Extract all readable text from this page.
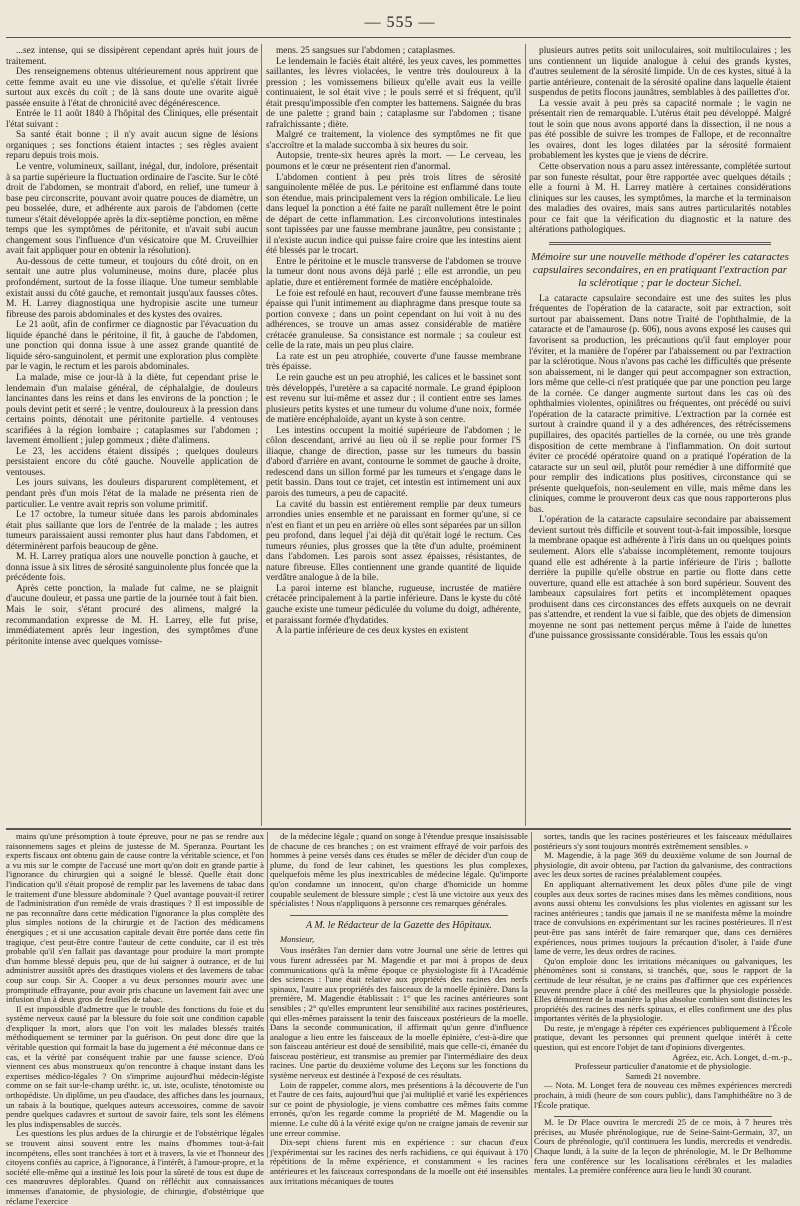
— 555 —

...sez intense, qui se dissipèrent cependant après huit jours de traitement.

Des renseignemens obtenus ultérieurement nous apprirent que cette femme avait eu une vie dissolue, et qu'elle s'était livrée surtout aux excès du coït ; de là sans doute une ovarite aiguë passée ensuite à l'état de chronicité avec dégénérescence.

Entrée le 11 août 1840 à l'hôpital des Cliniques, elle présentait l'état suivant :

Sa santé était bonne ; il n'y avait aucun signe de lésions organiques ; ses fonctions étaient intactes ; ses règles avaient reparu depuis trois mois.

Le ventre, volumineux, saillant, inégal, dur, indolore, présentait à sa partie supérieure la fluctuation ordinaire de l'ascite. Sur le côté droit de l'abdomen, se montrait d'abord, en relief, une tumeur à base peu circonscrite, pouvant avoir quatre pouces de diamètre, un peu bosselée, dure, et adhérente aux parois de l'abdomen (cette tumeur s'était développée après la dix-septième ponction, en même temps que les symptômes de péritonite, et n'avait subi aucun changement sous l'influence d'un vésicatoire que M. Cruveilhier avait fait appliquer pour en obtenir la résolution).

Au-dessous de cette tumeur, et toujours du côté droit, on en sentait une autre plus volumineuse, moins dure, placée plus profondément, surtout de la fosse iliaque. Une tumeur semblable existait aussi du côté gauche, et remontait jusqu'aux fausses côtes. M. H. Larrey diagnostiqua une hydropisie ascite une tumeur fibreuse des parois abdominales et des kystes des ovaires.

Le 21 août, afin de confirmer ce diagnostic par l'évacuation du liquide épanché dans le péritoine, il fit, à gauche de l'abdomen, une ponction qui donna issue à une assez grande quantité de liquide séro-sanguinolent, et permit une exploration plus complète par le vagin, le rectum et les parois abdominales.

La malade, mise ce jour-là à la diète, fut cependant prise le lendemain d'un malaise général, de céphalalgie, de douleurs lancinantes dans les reins et dans les environs de la ponction ; le pouls devint petit et serré ; le ventre, douloureux à la pression dans certains points, dénotait une péritonite partielle. 4 ventouses scarifiées à la région lombaire ; cataplasmes sur l'abdomen ; lavement émollient ; julep gommeux ; diète d'alimens.

Le 23, les accidens étaient dissipés ; quelques douleurs persistaient encore du côté gauche. Nouvelle application de ventouses.

Les jours suivans, les douleurs disparurent complètement, et pendant près d'un mois l'état de la malade ne présenta rien de particulier. Le ventre avait repris son volume primitif.

Le 17 octobre, la tumeur située dans les parois abdominales était plus saillante que lors de l'entrée de la malade ; les autres tumeurs paraissaient aussi remonter plus haut dans l'abdomen, et déterminèrent parfois beaucoup de gêne.

M. H. Larrey pratiqua alors une nouvelle ponction à gauche, et donna issue à six litres de sérosité sanguinolente plus foncée que la précédente fois.

Après cette ponction, la malade fut calme, ne se plaignit d'aucune douleur, et passa une partie de la journée tout à fait bien. Mais le soir, s'étant procuré des alimens, malgré la recommandation expresse de M. H. Larrey, elle fut prise, immédiatement après leur ingestion, des symptômes d'une péritonite intense avec quelques vomisse-

mens. 25 sangsues sur l'abdomen ; cataplasmes.

Le lendemain le faciès était altéré, les yeux caves, les pommettes saillantes, les lèvres violacées, le ventre très douloureux à la pression ; les vomissemens bilieux qu'elle avait eus la veille continuaient, le sol était vive ; le pouls serré et si fréquent, qu'il était presqu'impossible d'en compter les battemens. Saignée du bras de une palette ; grand bain ; cataplasme sur l'abdomen ; tisane rafraîchissante ; diète.

Malgré ce traitement, la violence des symptômes ne fit que s'accroître et la malade succomba à six heures du soir.

Autopsie, trente-six heures après la mort. — Le cerveau, les poumons et le cœur ne présentent rien d'anormal.

L'abdomen contient à peu près trois litres de sérosité sanguinolente mêlée de pus. Le péritoine est enflammé dans toute son étendue, mais principalement vers la région ombilicale. Le lieu dans lequel la ponction a été faite ne paraît nullement être le point de départ de cette inflammation. Les circonvolutions intestinales sont tapissées par une fausse membrane jaunâtre, peu consistante ; il n'existe aucun indice qui puisse faire croire que les intestins aient été blessés par le trocart.

Entre le péritoine et le muscle transverse de l'abdomen se trouve la tumeur dont nous avons déjà parlé ; elle est arrondie, un peu aplatie, dure et entièrement formée de matière encéphaloïde.

Le foie est refoulé en haut, recouvert d'une fausse membrane très épaisse qui l'unit intimement au diaphragme dans presque toute sa portion convexe ; dans un point cependant on lui voit à nu des adhérences, se trouve un amas assez considérable de matière crétacée granuleuse. Sa consistance est normale ; sa couleur est celle de la rate, mais un peu plus claire.

La rate est un peu atrophiée, couverte d'une fausse membrane très épaisse.

Le rein gauche est un peu atrophié, les calices et le bassinet sont très développés, l'uretère a sa capacité normale. Le grand épiploon est revenu sur lui-même et assez dur ; il contient entre ses lames plusieurs petits kystes et une tumeur du volume d'une noix, formée de matière encéphaloïde, ayant un kyste à son centre.

Les intestins occupent la moitié supérieure de l'abdomen ; le côlon descendant, arrivé au lieu où il se replie pour former l'S iliaque, change de direction, passe sur les tumeurs du bassin d'abord d'arrière en avant, contourne le sommet de gauche à droite, redescend dans un sillon formé par les tumeurs et s'engage dans le petit bassin. Dans tout ce trajet, cet intestin est intimement uni aux parois des tumeurs, a peu de capacité.

La cavité du bassin est entièrement remplie par deux tumeurs arrondies unies ensemble et ne paraissant en former qu'une, si ce n'est en fiant et un peu en arrière où elles sont séparées par un sillon peu profond, dans lequel j'ai déjà dit qu'était logé le rectum. Ces tumeurs réunies, plus grosses que la tête d'un adulte, proéminent dans l'abdomen. Les parois sont assez épaisses, résistantes, de nature fibreuse. Elles contiennent une grande quantité de liquide verdâtre analogue à de la bile.

La paroi interne est blanche, rugueuse, incrustée de matière crétacée principalement à la partie inférieure. Dans le kyste du côté gauche existe une tumeur pédiculée du volume du doigt, adhérente, et paraissant formée d'hydatides.

A la partie inférieure de ces deux kystes en existent

plusieurs autres petits soit uniloculaires, soit multiloculaires ; les uns contiennent un liquide analogue à celui des grands kystes, d'autres seulement de la sérosité limpide. Un de ces kystes, situé à la partie antérieure, contenait de la sérosité opaline dans laquelle étaient suspendus de petits flocons jaunâtres, semblables à des paillettes d'or.

La vessie avait à peu près sa capacité normale ; le vagin ne présentait rien de remarquable. L'utérus était peu développé. Malgré tout le soin que nous avons apporté dans la dissection, il ne nous a pas été possible de suivre les trompes de Fallope, et de reconnaître les ovaires, dont les loges dilatées par la sérosité formaient probablement les kystes que je viens de décrire.

Cette observation nous a paru assez intéressante, complétée surtout par son funeste résultat, pour être rapportée avec quelques détails ; elle a fourni à M. H. Larrey matière à certaines considérations cliniques sur les causes, les symptômes, la marche et la terminaison des maladies des ovaires, mais sans autres particularités notables pour ce fait que la vérification du diagnostic et la nature des altérations pathologiques.

Mémoire sur une nouvelle méthode d'opérer les cataractes capsulaires secondaires, en en pratiquant l'extraction par la sclérotique ; par le docteur Sichel.

La cataracte capsulaire secondaire est une des suites les plus fréquentes de l'opération de la cataracte, soit par extraction, soit surtout par abaissement. Dans notre Traité de l'ophthalmie, de la cataracte et de l'amaurose (p. 606), nous avons exposé les causes qui favorisent sa production, les précautions qu'il faut employer pour l'éviter, et la manière de l'opérer par l'abaissement ou par l'extraction par la sclérotique. Nous n'avons pas caché les difficultés que présente son abaissement, ni le danger qui peut accompagner son extraction, lors même que celle-ci n'est pratiquée que par une ponction peu large de la cornée. Ce danger augmente surtout dans les cas où des ophthalmies violentes, opiniâtres ou fréquentes, ont précédé ou suivi l'opération de la cataracte primitive. L'extraction par la cornée est surtout à craindre quand il y a des adhérences, des rétrécissemens pupillaires, des opacités partielles de la cornée, ou une très grande disposition de cette membrane à l'inflammation. On doit surtout éviter ce procédé opératoire quand on a pratiqué l'opération de la cataracte sur un seul œil, plutôt pour remédier à une difformité que pour remplir des indications plus positives, circonstance qui se présente quelquefois, non-seulement en ville, mais même dans les cliniques, comme le prouveront deux cas que nous rapporterons plus bas.

L'opération de la cataracte capsulaire secondaire par abaissement devient surtout très difficile et souvent tout-à-fait impossible, lorsque la membrane opaque est adhérente à l'iris dans un ou quelques points seulement. Alors elle s'abaisse incomplètement, remonte toujours quand elle est adhérente à la partie inférieure de l'iris ; ballotte derrière la pupille qu'elle obstrue en partie ou flotte dans cette ouverture, quand elle est attachée à son bord supérieur. Souvent des lambeaux capsulaires fort petits et incomplètement opaques produisent dans ces circonstances des effets auxquels on ne devrait pas s'attendre, et rendent la vue si faible, que des objets de dimension moyenne ne sont pas nettement perçus même à l'aide de lunettes d'une puissance grossissante considérable. Tous les essais qu'on

mains qu'une présomption à toute épreuve, pour ne pas se rendre aux raisonnemens sages et pleins de justesse de M. Speranza. Pourtant les experts fiscaux ont obtenu gain de cause contre la véritable science, et l'on a vu mis sur le compte de l'accusé une mort qu'on doit en grande partie à l'ignorance du chirurgien qui a soigné le blessé. Quelle était donc l'indication qu'il s'était proposé de remplir par les lavemens de tabac dans le traitement d'une blessure abdominale ? Quel avantage pouvait-il retirer de l'administration d'un remède de vrais drastiques ? Il est impossible de ne pas reconnaître dans cette médication l'ignorance la plus complète des plus simples notions de la chirurgie et de l'action des médicamens énergiques ; et si une accusation capitale devait être portée dans cette fin tragique, c'est peut-être contre l'auteur de cette conduite, car il est très probable qu'il s'en fallait pas davantage pour produire la mort prompte d'un homme blessé depuis peu, que de lui saigner à outrance, et de lui administrer aussitôt après des drastiques violens et des lavemens de tabac coup sur coup. Sir A. Cooper a vu deux personnes mourir avec une promptitude effrayante, pour avoir pris chacune un lavement fait avec une infusion d'un à deux gros de feuilles de tabac.

Il est impossible d'admettre que le trouble des fonctions du foie et du système nerveux causé par la blessure du foie soit une condition capable d'expliquer la mort, alors que l'on voit les malades blessés traités méthodiquement se terminer par la guérison. On peut donc dire que la véritable question qui formait la base du jugement a été méconnue dans ce cas, et la vérité par conséquent trahie par une fausse science. D'où viennent ces abus monstrueux qu'on rencontre à chaque instant dans les expertises médico-légales ? On s'imprime aujourd'hui médecin-légiste comme on se fait sur-le-champ uréthr. ic, ut. iste, oculiste, ténotomiste ou orthopédiste. Un diplôme, un peu d'audace, des affiches dans les journaux, un rabais à la boutique, quelques auteurs accessoires, comme de savoir pendre quelques cadavres et surtout de savoir faire, tels sont les élémens les plus indispensables de succès.

Les questions les plus ardues de la chirurgie et de l'obstétrique légales se trouvent ainsi souvent entre les mains d'hommes tout-à-fait incompétens, elles sont tranchées à tort et à travers, la vie et l'honneur des citoyens confiés au caprice, à l'ignorance, à l'intérêt, à l'amour-propre, et la société elle-même qui a institué les lois pour la sûreté de tous est dupe de ces manœuvres déplorables. Quand on réfléchit aux connaissances immenses d'anatomie, de physiologie, de chirurgie, d'obstétrique que réclame l'exercice

de la médecine légale ; quand on songe à l'étendue presque insaisissable de chacune de ces branches ; on est vraiment effrayé de voir parfois des hommes à peine versés dans ces études se mêler de décider d'un coup de plume, du fond de leur cabinet, les questions les plus complexes, quelquefois même les plus inextricables de médecine légale. Qu'importe qu'on condamne un innocent, qu'on charge d'homicide un homme coupable seulement de blessure simple ; c'est là une victoire aux yeux des spécialistes ! Nous n'appliquons à personne ces remarques générales.

A M. le Rédacteur de la Gazette des Hôpitaux.

Monsieur,

Vous insérâtes l'an dernier dans votre Journal une série de lettres qui vous furent adressées par M. Magendie et par moi à propos de deux communications qu'à la même époque ce physiologiste fit à l'Académie des sciences : l'une était relative aux propriétés des racines des nerfs spinaux, l'autre aux propriétés des faisceaux de la moelle épinière. Dans la première, M. Magendie établissait : 1° que les racines antérieures sont sensibles ; 2° qu'elles empruntent leur sensibilité aux racines postérieures, qui elles-mêmes paraissent la tenir des faisceaux postérieurs de la moelle. Dans la seconde communication, il affirmait qu'un genre d'influence analogue a lieu entre les faisceaux de la moelle épinière, c'est-à-dire que son faisceau antérieur est doué de sensibilité, mais que celle-ci, émanée du faisceau postérieur, est transmise au premier par l'intermédiaire des deux racines. Une partie du deuxième volume des Leçons sur les fonctions du système nerveux est destinée à l'exposé de ces résultats.

Loin de rappeler, comme alors, mes présentions à la découverte de l'un et l'autre de ces faits, aujourd'hui que j'ai multiplié et varié les expériences sur ce point de physiologie, je viens combattre ces mêmes faits comme erronés, qu'on les regarde comme la propriété de M. Magendie ou la mienne. Le culte dû à la vérité exige qu'on ne craigne jamais de revenir sur une erreur commise.

Dix-sept chiens furent mis en expérience : sur chacun d'eux j'expérimentai sur les racines des nerfs rachidiens, ce qui équivaut à 170 répétitions de la même expérience, et constamment « les racines antérieures et les faisceaux correspondans de la moelle ont été insensibles aux irritations mécaniques de toutes

sortes, tandis que les racines postérieures et les faisceaux médullaires postérieurs s'y sont toujours montrés extrêmement sensibles. »

M. Magendie, à la page 369 du deuxième volume de son Journal de physiologie, dit avoir obtenu, par l'action du galvanisme, des contractions avec les deux sortes de racines préalablement coupées.

En appliquant alternativement les deux pôles d'une pile de vingt couples aux deux sortes de racines mises dans les mêmes conditions, nous avons aussi obtenu les convulsions les plus violentes en agissant sur les racines antérieures ; tandis que jamais il ne se manifesta même la moindre trace de convulsions en expérimentant sur les racines postérieures. Il n'est peut-être pas sans intérêt de faire remarquer que, dans ces dernières expériences, nous primes toujours la précaution d'isoler, à l'aide d'une lame de verre, les deux ordres de racines.

Qu'on emploie donc les irritations mécaniques ou galvaniques, les phénomènes sont si constans, si tranchés, que, sous le rapport de la certitude de leur résultat, je ne crains pas d'affirmer que ces expériences peuvent prendre place à côté des meilleures que la physiologie possède. Elles démontrent de la manière la plus absolue combien sont distinctes les propriétés des racines des nerfs spinaux, et elles confirment une des plus importantes vérités de la physiologie.

Du reste, je m'engage à répéter ces expériences publiquement à l'École pratique, devant les personnes qui prennent quelque intérêt à cette question, qui est encore l'objet de tant d'opinions divergentes.

Agréez, etc. Ach. Longet, d.-m.-p.,

Professeur particulier d'anatomie et de physiologie.

Samedi 21 novembre.

— Nota. M. Longet fera de nouveau ces mêmes expériences mercredi prochain, à midi (heure de son cours public), dans l'amphithéâtre no 3 de l'École pratique.

M. le Dr Place ouvrira le mercredi 25 de ce mois, à 7 heures très précises, au Musée phrénologique, rue de Seine-Saint-Germain, 37, un Cours de phrénologie, qu'il continuera les lundis, mercredis et vendredis. Chaque lundi, à la suite de la leçon de phrénologie, M. le Dr Belhomme fera une conférence sur les localisations cérébrales et les maladies mentales. La première conférence aura lieu le lundi 30 courant.
